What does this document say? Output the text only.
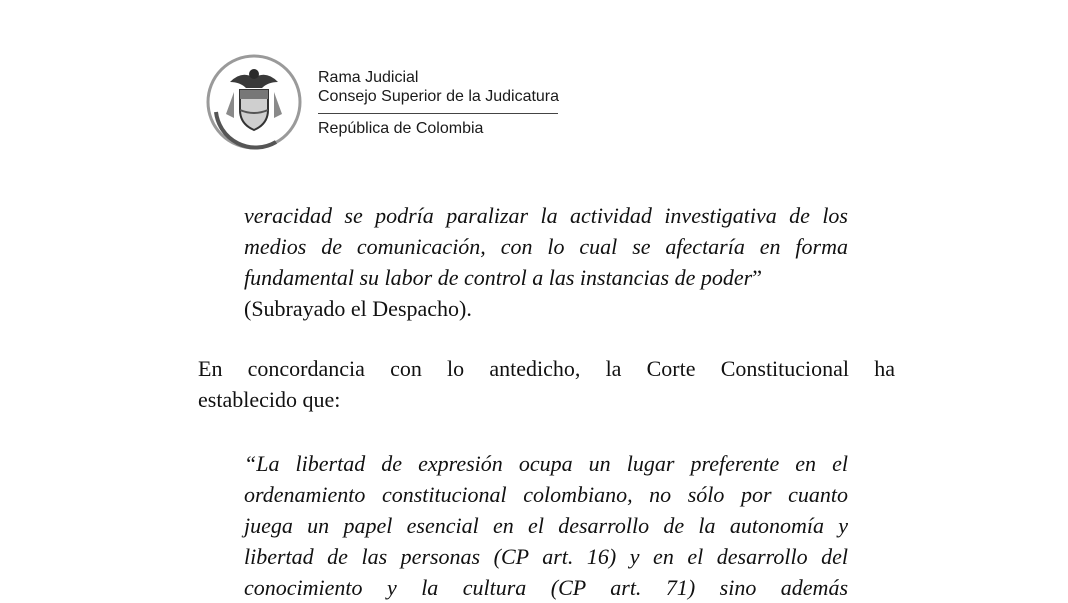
Rama Judicial
Consejo Superior de la Judicatura
República de Colombia
veracidad se podría paralizar la actividad investigativa de los
medios de comunicación, con lo cual se afectaría en forma
fundamental su labor de control a las instancias de poder”
(Subrayado el Despacho).
En concordancia con lo antedicho, la Corte Constitucional ha
establecido que:
“La libertad de expresión ocupa un lugar preferente en el
ordenamiento constitucional colombiano, no sólo por cuanto
juega un papel esencial en el desarrollo de la autonomía y
libertad de las personas (CP art. 16) y en el desarrollo del
conocimiento y la cultura (CP art. 71) sino además
